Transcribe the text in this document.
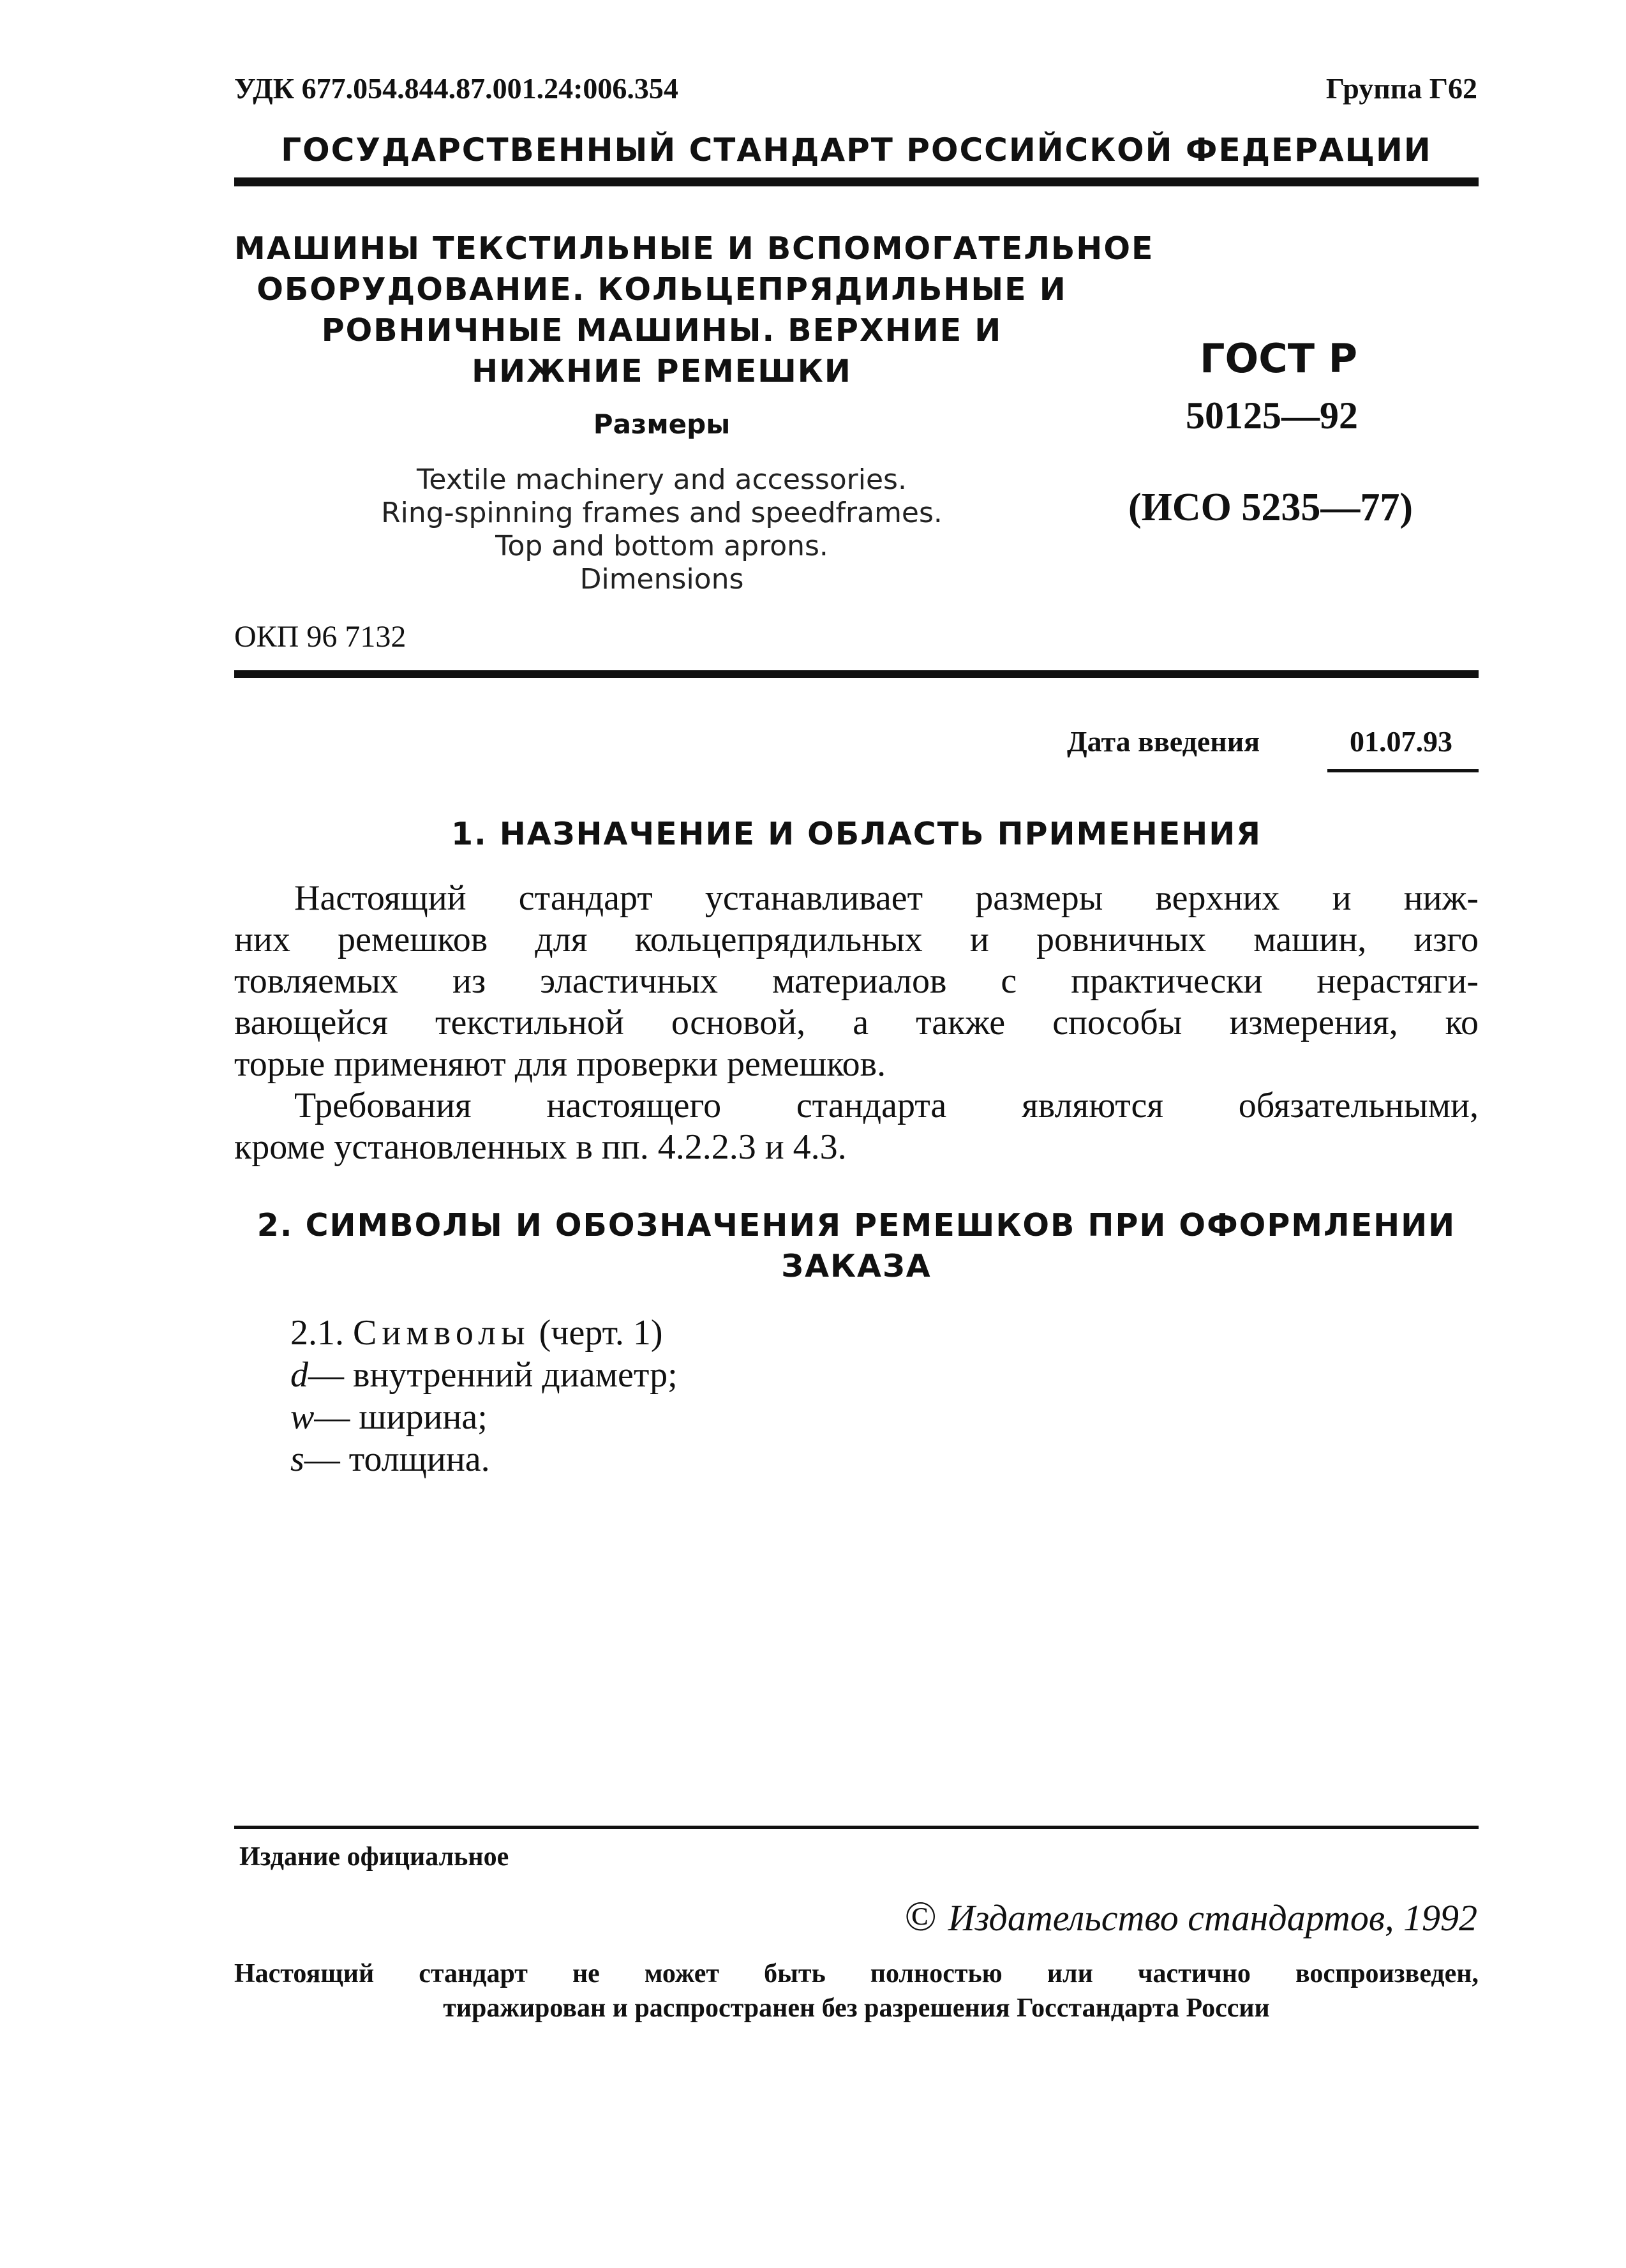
УДК 677.054.844.87.001.24:006.354	Группа Г62
ГОСУДАРСТВЕННЫЙ СТАНДАРТ РОССИЙСКОЙ ФЕДЕРАЦИИ
МАШИНЫ ТЕКСТИЛЬНЫЕ И ВСПОМОГАТЕЛЬНОЕ
ОБОРУДОВАНИЕ. КОЛЬЦЕПРЯДИЛЬНЫЕ И
РОВНИЧНЫЕ МАШИНЫ. ВЕРХНИЕ И
НИЖНИЕ РЕМЕШКИ
Размеры
Textile machinery and accessories.
Ring-spinning frames and speedframes.
Top and bottom aprons.
Dimensions
ГОСТ Р
50125—92
(ИСО 5235—77)
ОКП 96 7132
Дата введения	01.07.93
1. НАЗНАЧЕНИЕ И ОБЛАСТЬ ПРИМЕНЕНИЯ
Настоящий стандарт устанавливает размеры верхних и ниж-
них ремешков для кольцепрядильных и ровничных машин, изго
товляемых из эластичных материалов с практически нерастяги-
вающейся текстильной основой, а также способы измерения, ко
торые применяют для проверки ремешков.
Требования настоящего стандарта являются обязательными,
кроме установленных в пп. 4.2.2.3 и 4.3.
2. СИМВОЛЫ И ОБОЗНАЧЕНИЯ РЕМЕШКОВ ПРИ ОФОРМЛЕНИИ
ЗАКАЗА
2.1. Символы (черт. 1)
d— внутренний диаметр;
w— ширина;
s— толщина.
Издание официальное
© Издательство стандартов, 1992
Настоящий стандарт не может быть полностью или частично воспроизведен,
тиражирован и распространен без разрешения Госстандарта России
